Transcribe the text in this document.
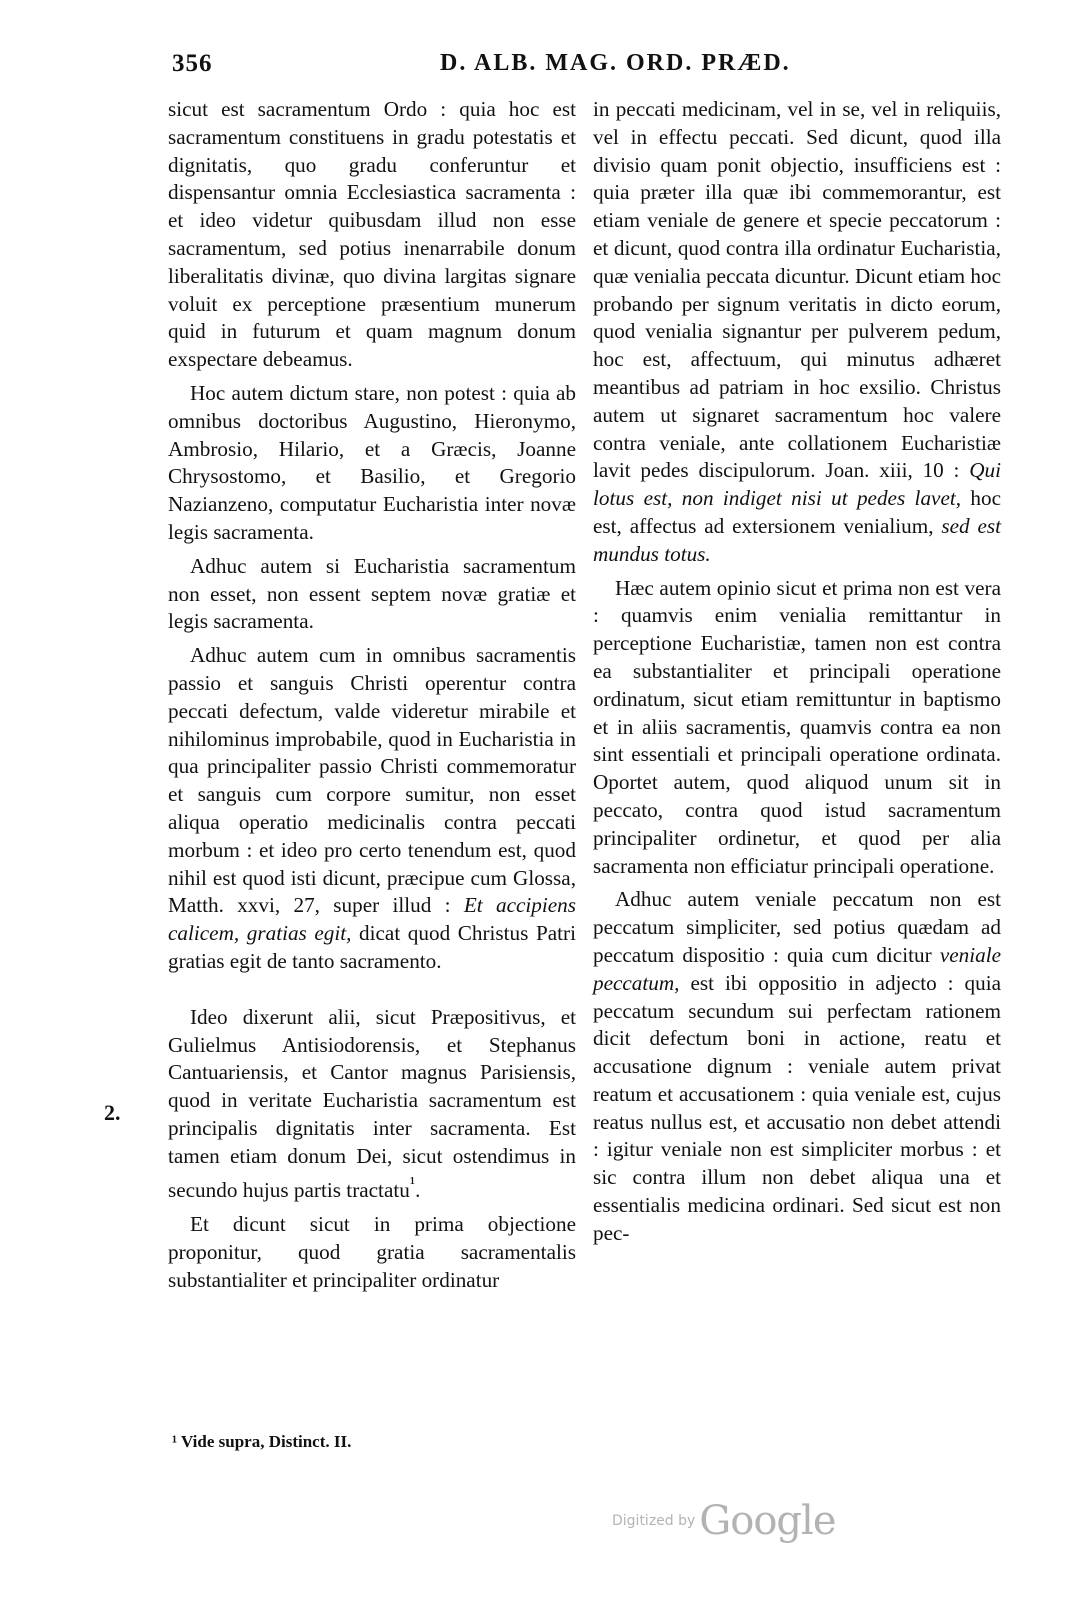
356	D. ALB. MAG. ORD. PRÆD.

sicut est sacramentum Ordo : quia hoc est sacramentum constituens in gradu potestatis et dignitatis, quo gradu conferuntur et dispensantur omnia Ecclesiastica sacramenta : et ideo videtur quibusdam illud non esse sacramentum, sed potius inenarrabile donum liberalitatis divinæ, quo divina largitas signare voluit ex perceptione præsentium munerum quid in futurum et quam magnum donum exspectare debeamus.

Hoc autem dictum stare, non potest : quia ab omnibus doctoribus Augustino, Hieronymo, Ambrosio, Hilario, et a Græcis, Joanne Chrysostomo, et Basilio, et Gregorio Nazianzeno, computatur Eucharistia inter novæ legis sacramenta.

Adhuc autem si Eucharistia sacramentum non esset, non essent septem novæ gratiæ et legis sacramenta.

Adhuc autem cum in omnibus sacramentis passio et sanguis Christi operentur contra peccati defectum, valde videretur mirabile et nihilominus improbabile, quod in Eucharistia in qua principaliter passio Christi commemoratur et sanguis cum corpore sumitur, non esset aliqua operatio medicinalis contra peccati morbum : et ideo pro certo tenendum est, quod nihil est quod isti dicunt, præcipue cum Glossa, Matth. xxvi, 27, super illud : Et accipiens calicem, gratias egit, dicat quod Christus Patri gratias egit de tanto sacramento.

Ideo dixerunt alii, sicut Præpositivus, et Gulielmus Antisiodorensis, et Stephanus Cantuariensis, et Cantor magnus Parisiensis, quod in veritate Eucharistia sacramentum est principalis dignitatis inter sacramenta. Est tamen etiam donum Dei, sicut ostendimus in secundo hujus partis tractatu$^{^1}$.

Et dicunt sicut in prima objectione proponitur, quod gratia sacramentalis substantialiter et principaliter ordinatur

2.

in peccati medicinam, vel in se, vel in reliquiis, vel in effectu peccati. Sed dicunt, quod illa divisio quam ponit objectio, insufficiens est : quia præter illa quæ ibi commemorantur, est etiam veniale de genere et specie peccatorum : et dicunt, quod contra illa ordinatur Eucharistia, quæ venialia peccata dicuntur. Dicunt etiam hoc probando per signum veritatis in dicto eorum, quod venialia signantur per pulverem pedum, hoc est, affectuum, qui minutus adhæret meantibus ad patriam in hoc exsilio. Christus autem ut signaret sacramentum hoc valere contra veniale, ante collationem Eucharistiæ lavit pedes discipulorum. Joan. xiii, 10 : Qui lotus est, non indiget nisi ut pedes lavet, hoc est, affectus ad extersionem venialium, sed est mundus totus.

Hæc autem opinio sicut et prima non est vera : quamvis enim venialia remittantur in perceptione Eucharistiæ, tamen non est contra ea substantialiter et principali operatione ordinatum, sicut etiam remittuntur in baptismo et in aliis sacramentis, quamvis contra ea non sint essentiali et principali operatione ordinata. Oportet autem, quod aliquod unum sit in peccato, contra quod istud sacramentum principaliter ordinetur, et quod per alia sacramenta non efficiatur principali operatione.

Adhuc autem veniale peccatum non est peccatum simpliciter, sed potius quædam ad peccatum dispositio : quia cum dicitur veniale peccatum, est ibi oppositio in adjecto : quia peccatum secundum sui perfectam rationem dicit defectum boni in actione, reatu et accusatione dignum : veniale autem privat reatum et accusationem : quia veniale est, cujus reatus nullus est, et accusatio non debet attendi : igitur veniale non est simpliciter morbus : et sic contra illum non debet aliqua una et essentialis medicina ordinari. Sed sicut est non pec-

¹ Vide supra, Distinct. II.
Digitized by Google
